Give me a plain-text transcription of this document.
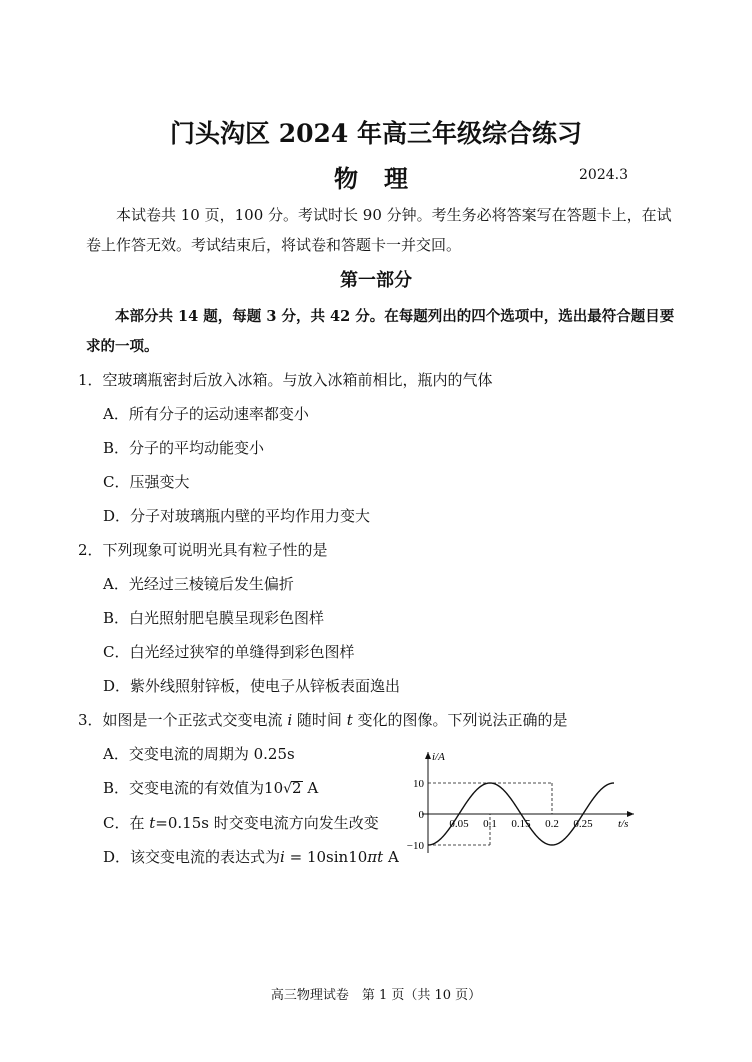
门头沟区 2024 年高三年级综合练习
物理	2024.3
本试卷共 10 页，100 分。考试时长 90 分钟。考生务必将答案写在答题卡上，在试卷上作答无效。考试结束后，将试卷和答题卡一并交回。
第一部分
本部分共 14 题，每题 3 分，共 42 分。在每题列出的四个选项中，选出最符合题目要求的一项。
1．空玻璃瓶密封后放入冰箱。与放入冰箱前相比，瓶内的气体
A．所有分子的运动速率都变小
B．分子的平均动能变小
C．压强变大
D．分子对玻璃瓶内壁的平均作用力变大
2．下列现象可说明光具有粒子性的是
A．光经过三棱镜后发生偏折
B．白光照射肥皂膜呈现彩色图样
C．白光经过狭窄的单缝得到彩色图样
D．紫外线照射锌板，使电子从锌板表面逸出
3．如图是一个正弦式交变电流 i 随时间 t 变化的图像。下列说法正确的是
A．交变电流的周期为 0.25s
B．交变电流的有效值为10√2 A
C．在 t=0.15s 时交变电流方向发生改变
D．该交变电流的表达式为i = 10sin10πt A
i/A
t/s
10
0
−10
0.05 0.1 0.15 0.2 0.25
高三物理试卷　第 1 页（共 10 页）
